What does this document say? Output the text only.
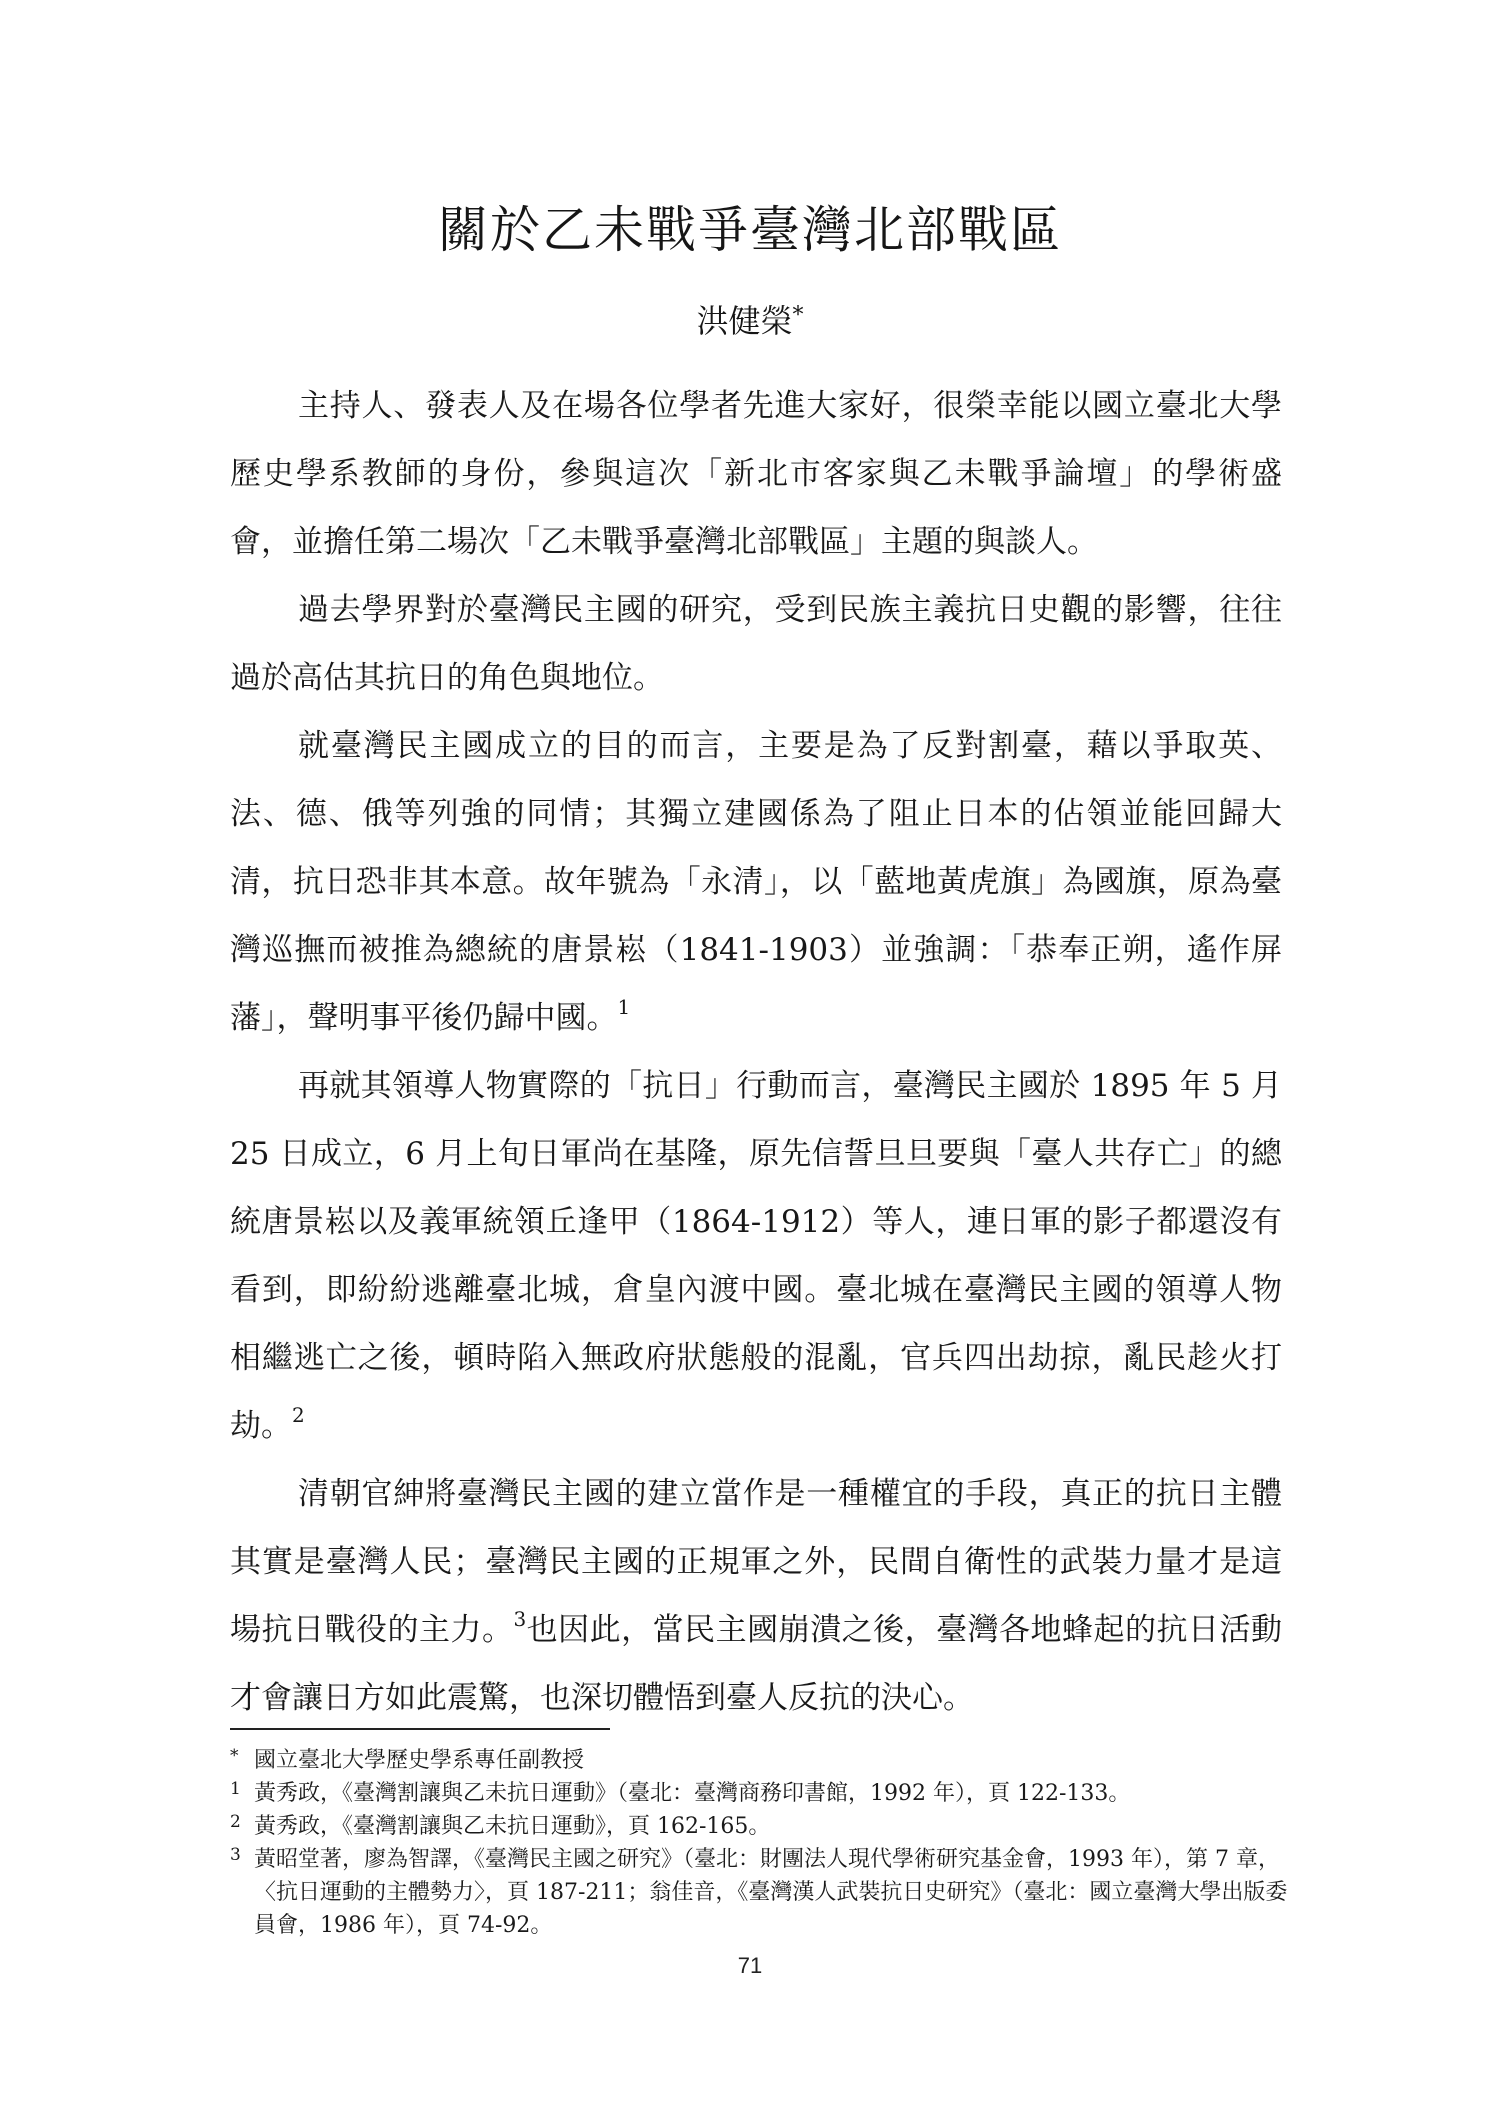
關於乙未戰爭臺灣北部戰區
洪健榮*

主持人、發表人及在場各位學者先進大家好，很榮幸能以國立臺北大學歷史學系教師的身份，參與這次「新北市客家與乙未戰爭論壇」的學術盛會，並擔任第二場次「乙未戰爭臺灣北部戰區」主題的與談人。

過去學界對於臺灣民主國的研究，受到民族主義抗日史觀的影響，往往過於高估其抗日的角色與地位。

就臺灣民主國成立的目的而言，主要是為了反對割臺，藉以爭取英、法、德、俄等列強的同情；其獨立建國係為了阻止日本的佔領並能回歸大清，抗日恐非其本意。故年號為「永清」，以「藍地黃虎旗」為國旗，原為臺灣巡撫而被推為總統的唐景崧（1841-1903）並強調：「恭奉正朔，遙作屏藩」，聲明事平後仍歸中國。$^1$

再就其領導人物實際的「抗日」行動而言，臺灣民主國於 1895 年 5 月 25 日成立，6 月上旬日軍尚在基隆，原先信誓旦旦要與「臺人共存亡」的總統唐景崧以及義軍統領丘逢甲（1864-1912）等人，連日軍的影子都還沒有看到，即紛紛逃離臺北城，倉皇內渡中國。臺北城在臺灣民主國的領導人物相繼逃亡之後，頓時陷入無政府狀態般的混亂，官兵四出劫掠，亂民趁火打劫。$^2$

清朝官紳將臺灣民主國的建立當作是一種權宜的手段，真正的抗日主體其實是臺灣人民；臺灣民主國的正規軍之外，民間自衛性的武裝力量才是這場抗日戰役的主力。$^3$也因此，當民主國崩潰之後，臺灣各地蜂起的抗日活動才會讓日方如此震驚，也深切體悟到臺人反抗的決心。

* 國立臺北大學歷史學系專任副教授

1 黃秀政，《臺灣割讓與乙未抗日運動》（臺北：臺灣商務印書館，1992 年），頁 122-133。

2 黃秀政，《臺灣割讓與乙未抗日運動》，頁 162-165。

3 黃昭堂著，廖為智譯，《臺灣民主國之研究》（臺北：財團法人現代學術研究基金會，1993 年），第 7 章，〈抗日運動的主體勢力〉，頁 187-211；翁佳音，《臺灣漢人武裝抗日史研究》（臺北：國立臺灣大學出版委員會，1986 年），頁 74-92。

71
